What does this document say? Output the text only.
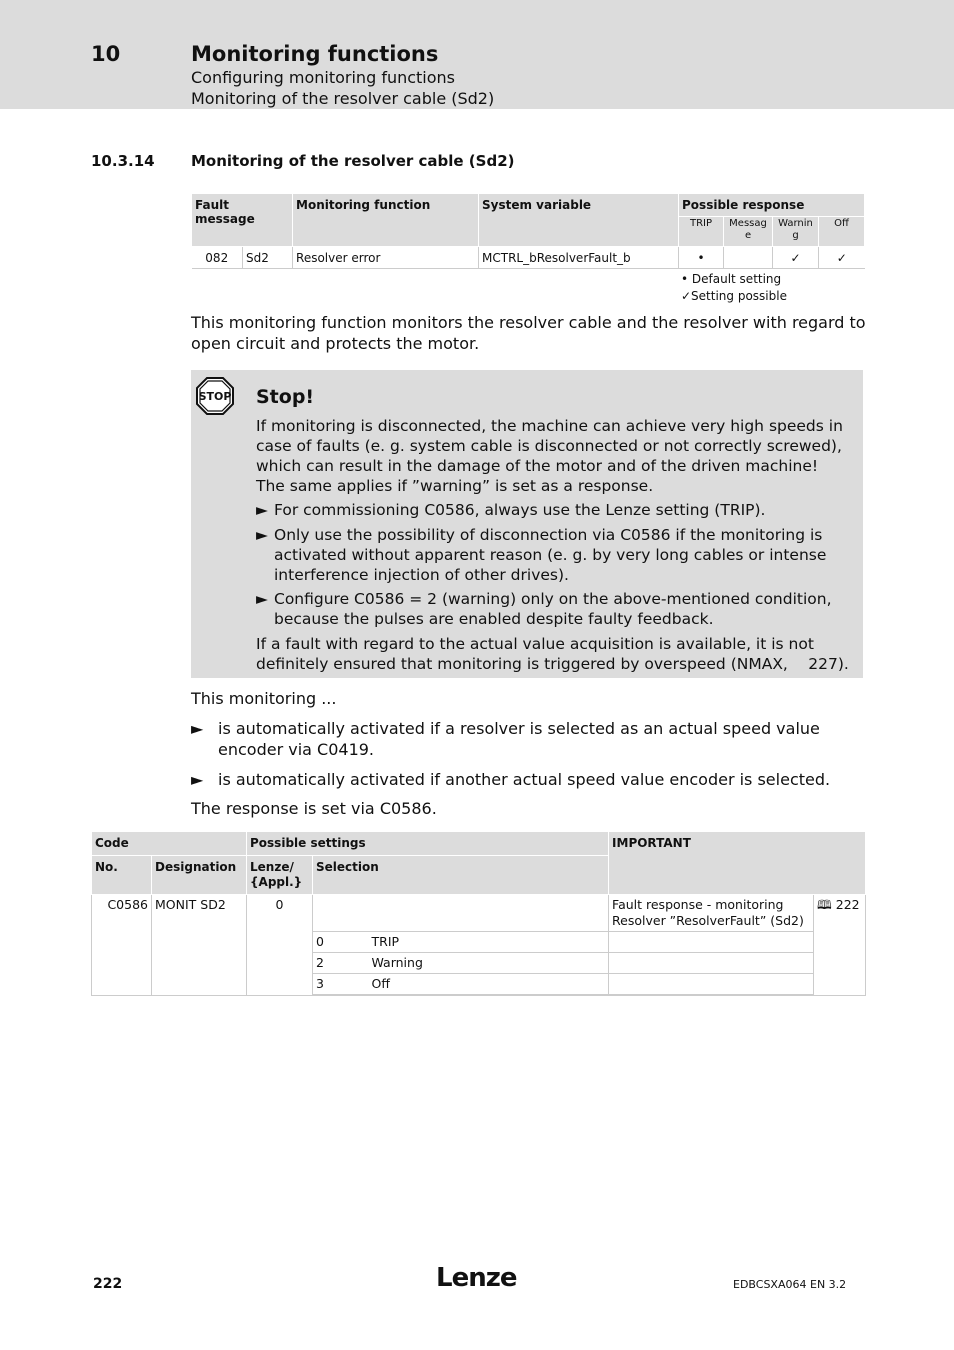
10	Monitoring functions
Configuring monitoring functions
Monitoring of the resolver cable (Sd2)
10.3.14 Monitoring of the resolver cable (Sd2)
Fault message		Monitoring function	System variable	Possible response			
				TRIP	Messag e	Warnin g	Off
082	Sd2	Resolver error	MCTRL_bResolverFault_b	•		✓	✓
• Default setting
✓Setting possible
This monitoring function monitors the resolver cable and the resolver with regard to open circuit and protects the motor.
STOP Stop!
If monitoring is disconnected, the machine can achieve very high speeds in case of faults (e. g. system cable is disconnected or not correctly screwed), which can result in the damage of the motor and of the driven machine! The same applies if ”warning” is set as a response.
► For commissioning C0586, always use the Lenze setting (TRIP).
► Only use the possibility of disconnection via C0586 if the monitoring is activated without apparent reason (e. g. by very long cables or intense interference injection of other drives).
► Configure C0586 = 2 (warning) only on the above-mentioned condition, because the pulses are enabled despite faulty feedback.
If a fault with regard to the actual value acquisition is available, it is not definitely ensured that monitoring is triggered by overspeed (NMAX,  227).
This monitoring ...
► is automatically activated if a resolver is selected as an actual speed value encoder via C0419.
► is automatically activated if another actual speed value encoder is selected.
The response is set via C0586.
Code		Possible settings			IMPORTANT	
No.	Designation	Lenze/ {Appl.}	Selection			
C0586	MONIT SD2	0			Fault response - monitoring Resolver ”ResolverFault” (Sd2)	🕮 222
			0	TRIP		
			2	Warning		
			3	Off		
222	Lenze	EDBCSXA064 EN 3.2
